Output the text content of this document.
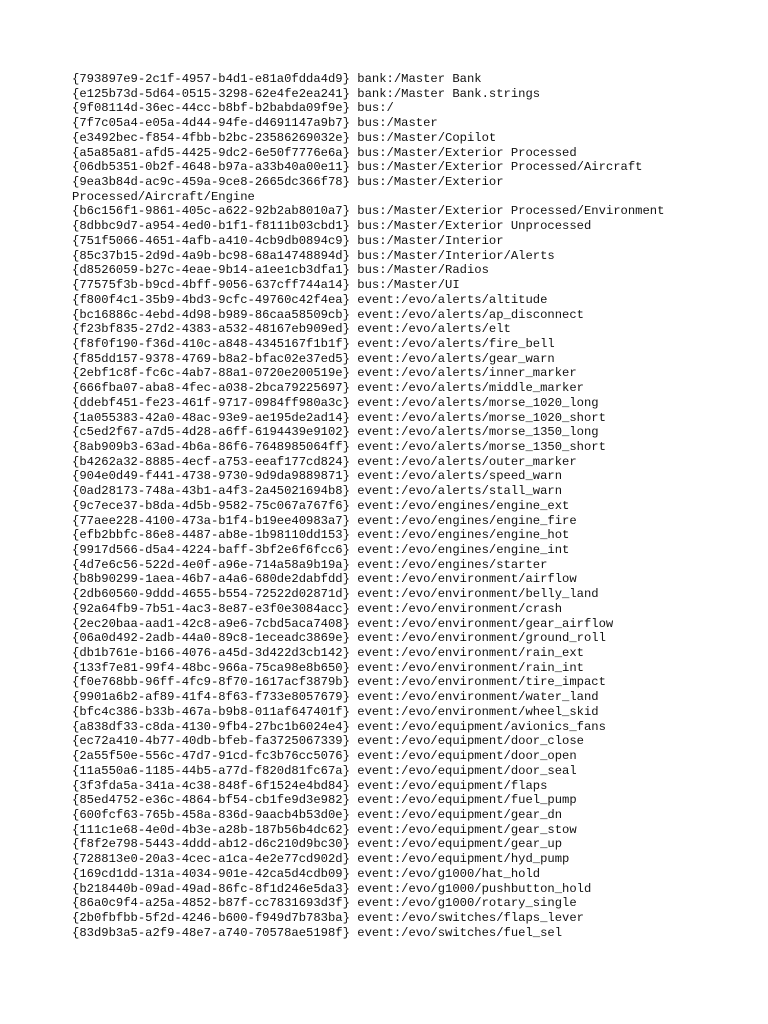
{793897e9-2c1f-4957-b4d1-e81a0fdda4d9} bank:/Master Bank
{e125b73d-5d64-0515-3298-62e4fe2ea241} bank:/Master Bank.strings
{9f08114d-36ec-44cc-b8bf-b2babda09f9e} bus:/
{7f7c05a4-e05a-4d44-94fe-d4691147a9b7} bus:/Master
{e3492bec-f854-4fbb-b2bc-23586269032e} bus:/Master/Copilot
{a5a85a81-afd5-4425-9dc2-6e50f7776e6a} bus:/Master/Exterior Processed
{06db5351-0b2f-4648-b97a-a33b40a00e11} bus:/Master/Exterior Processed/Aircraft
{9ea3b84d-ac9c-459a-9ce8-2665dc366f78} bus:/Master/Exterior
Processed/Aircraft/Engine
{b6c156f1-9861-405c-a622-92b2ab8010a7} bus:/Master/Exterior Processed/Environment
{8dbbc9d7-a954-4ed0-b1f1-f8111b03cbd1} bus:/Master/Exterior Unprocessed
{751f5066-4651-4afb-a410-4cb9db0894c9} bus:/Master/Interior
{85c37b15-2d9d-4a9b-bc98-68a14748894d} bus:/Master/Interior/Alerts
{d8526059-b27c-4eae-9b14-a1ee1cb3dfa1} bus:/Master/Radios
{77575f3b-b9cd-4bff-9056-637cff744a14} bus:/Master/UI
{f800f4c1-35b9-4bd3-9cfc-49760c42f4ea} event:/evo/alerts/altitude
{bc16886c-4ebd-4d98-b989-86caa58509cb} event:/evo/alerts/ap_disconnect
{f23bf835-27d2-4383-a532-48167eb909ed} event:/evo/alerts/elt
{f8f0f190-f36d-410c-a848-4345167f1b1f} event:/evo/alerts/fire_bell
{f85dd157-9378-4769-b8a2-bfac02e37ed5} event:/evo/alerts/gear_warn
{2ebf1c8f-fc6c-4ab7-88a1-0720e200519e} event:/evo/alerts/inner_marker
{666fba07-aba8-4fec-a038-2bca79225697} event:/evo/alerts/middle_marker
{ddebf451-fe23-461f-9717-0984ff980a3c} event:/evo/alerts/morse_1020_long
{1a055383-42a0-48ac-93e9-ae195de2ad14} event:/evo/alerts/morse_1020_short
{c5ed2f67-a7d5-4d28-a6ff-6194439e9102} event:/evo/alerts/morse_1350_long
{8ab909b3-63ad-4b6a-86f6-7648985064ff} event:/evo/alerts/morse_1350_short
{b4262a32-8885-4ecf-a753-eeaf177cd824} event:/evo/alerts/outer_marker
{904e0d49-f441-4738-9730-9d9da9889871} event:/evo/alerts/speed_warn
{0ad28173-748a-43b1-a4f3-2a45021694b8} event:/evo/alerts/stall_warn
{9c7ece37-b8da-4d5b-9582-75c067a767f6} event:/evo/engines/engine_ext
{77aee228-4100-473a-b1f4-b19ee40983a7} event:/evo/engines/engine_fire
{efb2bbfc-86e8-4487-ab8e-1b98110dd153} event:/evo/engines/engine_hot
{9917d566-d5a4-4224-baff-3bf2e6f6fcc6} event:/evo/engines/engine_int
{4d7e6c56-522d-4e0f-a96e-714a58a9b19a} event:/evo/engines/starter
{b8b90299-1aea-46b7-a4a6-680de2dabfdd} event:/evo/environment/airflow
{2db60560-9ddd-4655-b554-72522d02871d} event:/evo/environment/belly_land
{92a64fb9-7b51-4ac3-8e87-e3f0e3084acc} event:/evo/environment/crash
{2ec20baa-aad1-42c8-a9e6-7cbd5aca7408} event:/evo/environment/gear_airflow
{06a0d492-2adb-44a0-89c8-1eceadc3869e} event:/evo/environment/ground_roll
{db1b761e-b166-4076-a45d-3d422d3cb142} event:/evo/environment/rain_ext
{133f7e81-99f4-48bc-966a-75ca98e8b650} event:/evo/environment/rain_int
{f0e768bb-96ff-4fc9-8f70-1617acf3879b} event:/evo/environment/tire_impact
{9901a6b2-af89-41f4-8f63-f733e8057679} event:/evo/environment/water_land
{bfc4c386-b33b-467a-b9b8-011af647401f} event:/evo/environment/wheel_skid
{a838df33-c8da-4130-9fb4-27bc1b6024e4} event:/evo/equipment/avionics_fans
{ec72a410-4b77-40db-bfeb-fa3725067339} event:/evo/equipment/door_close
{2a55f50e-556c-47d7-91cd-fc3b76cc5076} event:/evo/equipment/door_open
{11a550a6-1185-44b5-a77d-f820d81fc67a} event:/evo/equipment/door_seal
{3f3fda5a-341a-4c38-848f-6f1524e4bd84} event:/evo/equipment/flaps
{85ed4752-e36c-4864-bf54-cb1fe9d3e982} event:/evo/equipment/fuel_pump
{600fcf63-765b-458a-836d-9aacb4b53d0e} event:/evo/equipment/gear_dn
{111c1e68-4e0d-4b3e-a28b-187b56b4dc62} event:/evo/equipment/gear_stow
{f8f2e798-5443-4ddd-ab12-d6c210d9bc30} event:/evo/equipment/gear_up
{728813e0-20a3-4cec-a1ca-4e2e77cd902d} event:/evo/equipment/hyd_pump
{169cd1dd-131a-4034-901e-42ca5d4cdb09} event:/evo/g1000/hat_hold
{b218440b-09ad-49ad-86fc-8f1d246e5da3} event:/evo/g1000/pushbutton_hold
{86a0c9f4-a25a-4852-b87f-cc7831693d3f} event:/evo/g1000/rotary_single
{2b0fbfbb-5f2d-4246-b600-f949d7b783ba} event:/evo/switches/flaps_lever
{83d9b3a5-a2f9-48e7-a740-70578ae5198f} event:/evo/switches/fuel_sel
